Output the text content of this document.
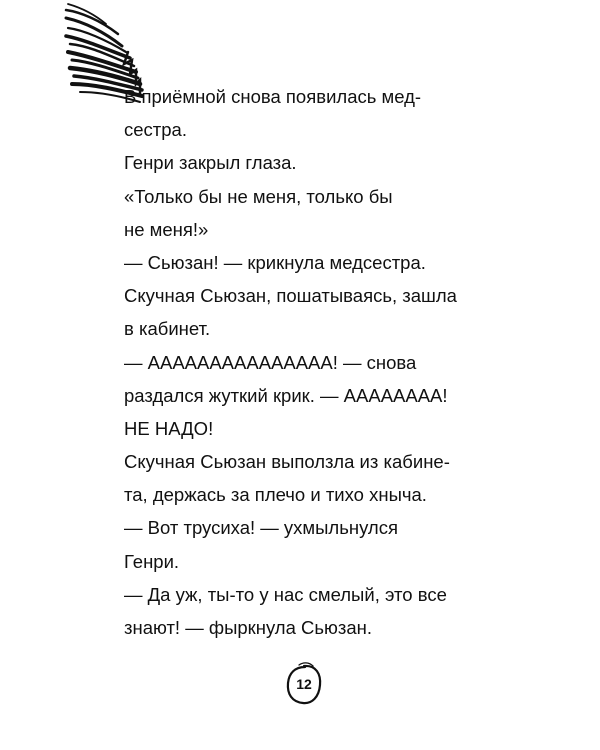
В приёмной снова появилась мед-
сестра.
Генри закрыл глаза.
«Только бы не меня, только бы
не меня!»
— Сьюзан! — крикнула медсестра.
Скучная Сьюзан, пошатываясь, зашла
в кабинет.
— ААААААААААААААА! — снова
раздался жуткий крик. — АААААААА!
НЕ НАДО!
Скучная Сьюзан выползла из кабине-
та, держась за плечо и тихо хныча.
— Вот трусиха! — ухмыльнулся
Генри.
— Да уж, ты-то у нас смелый, это все
знают! — фыркнула Сьюзан.
12
